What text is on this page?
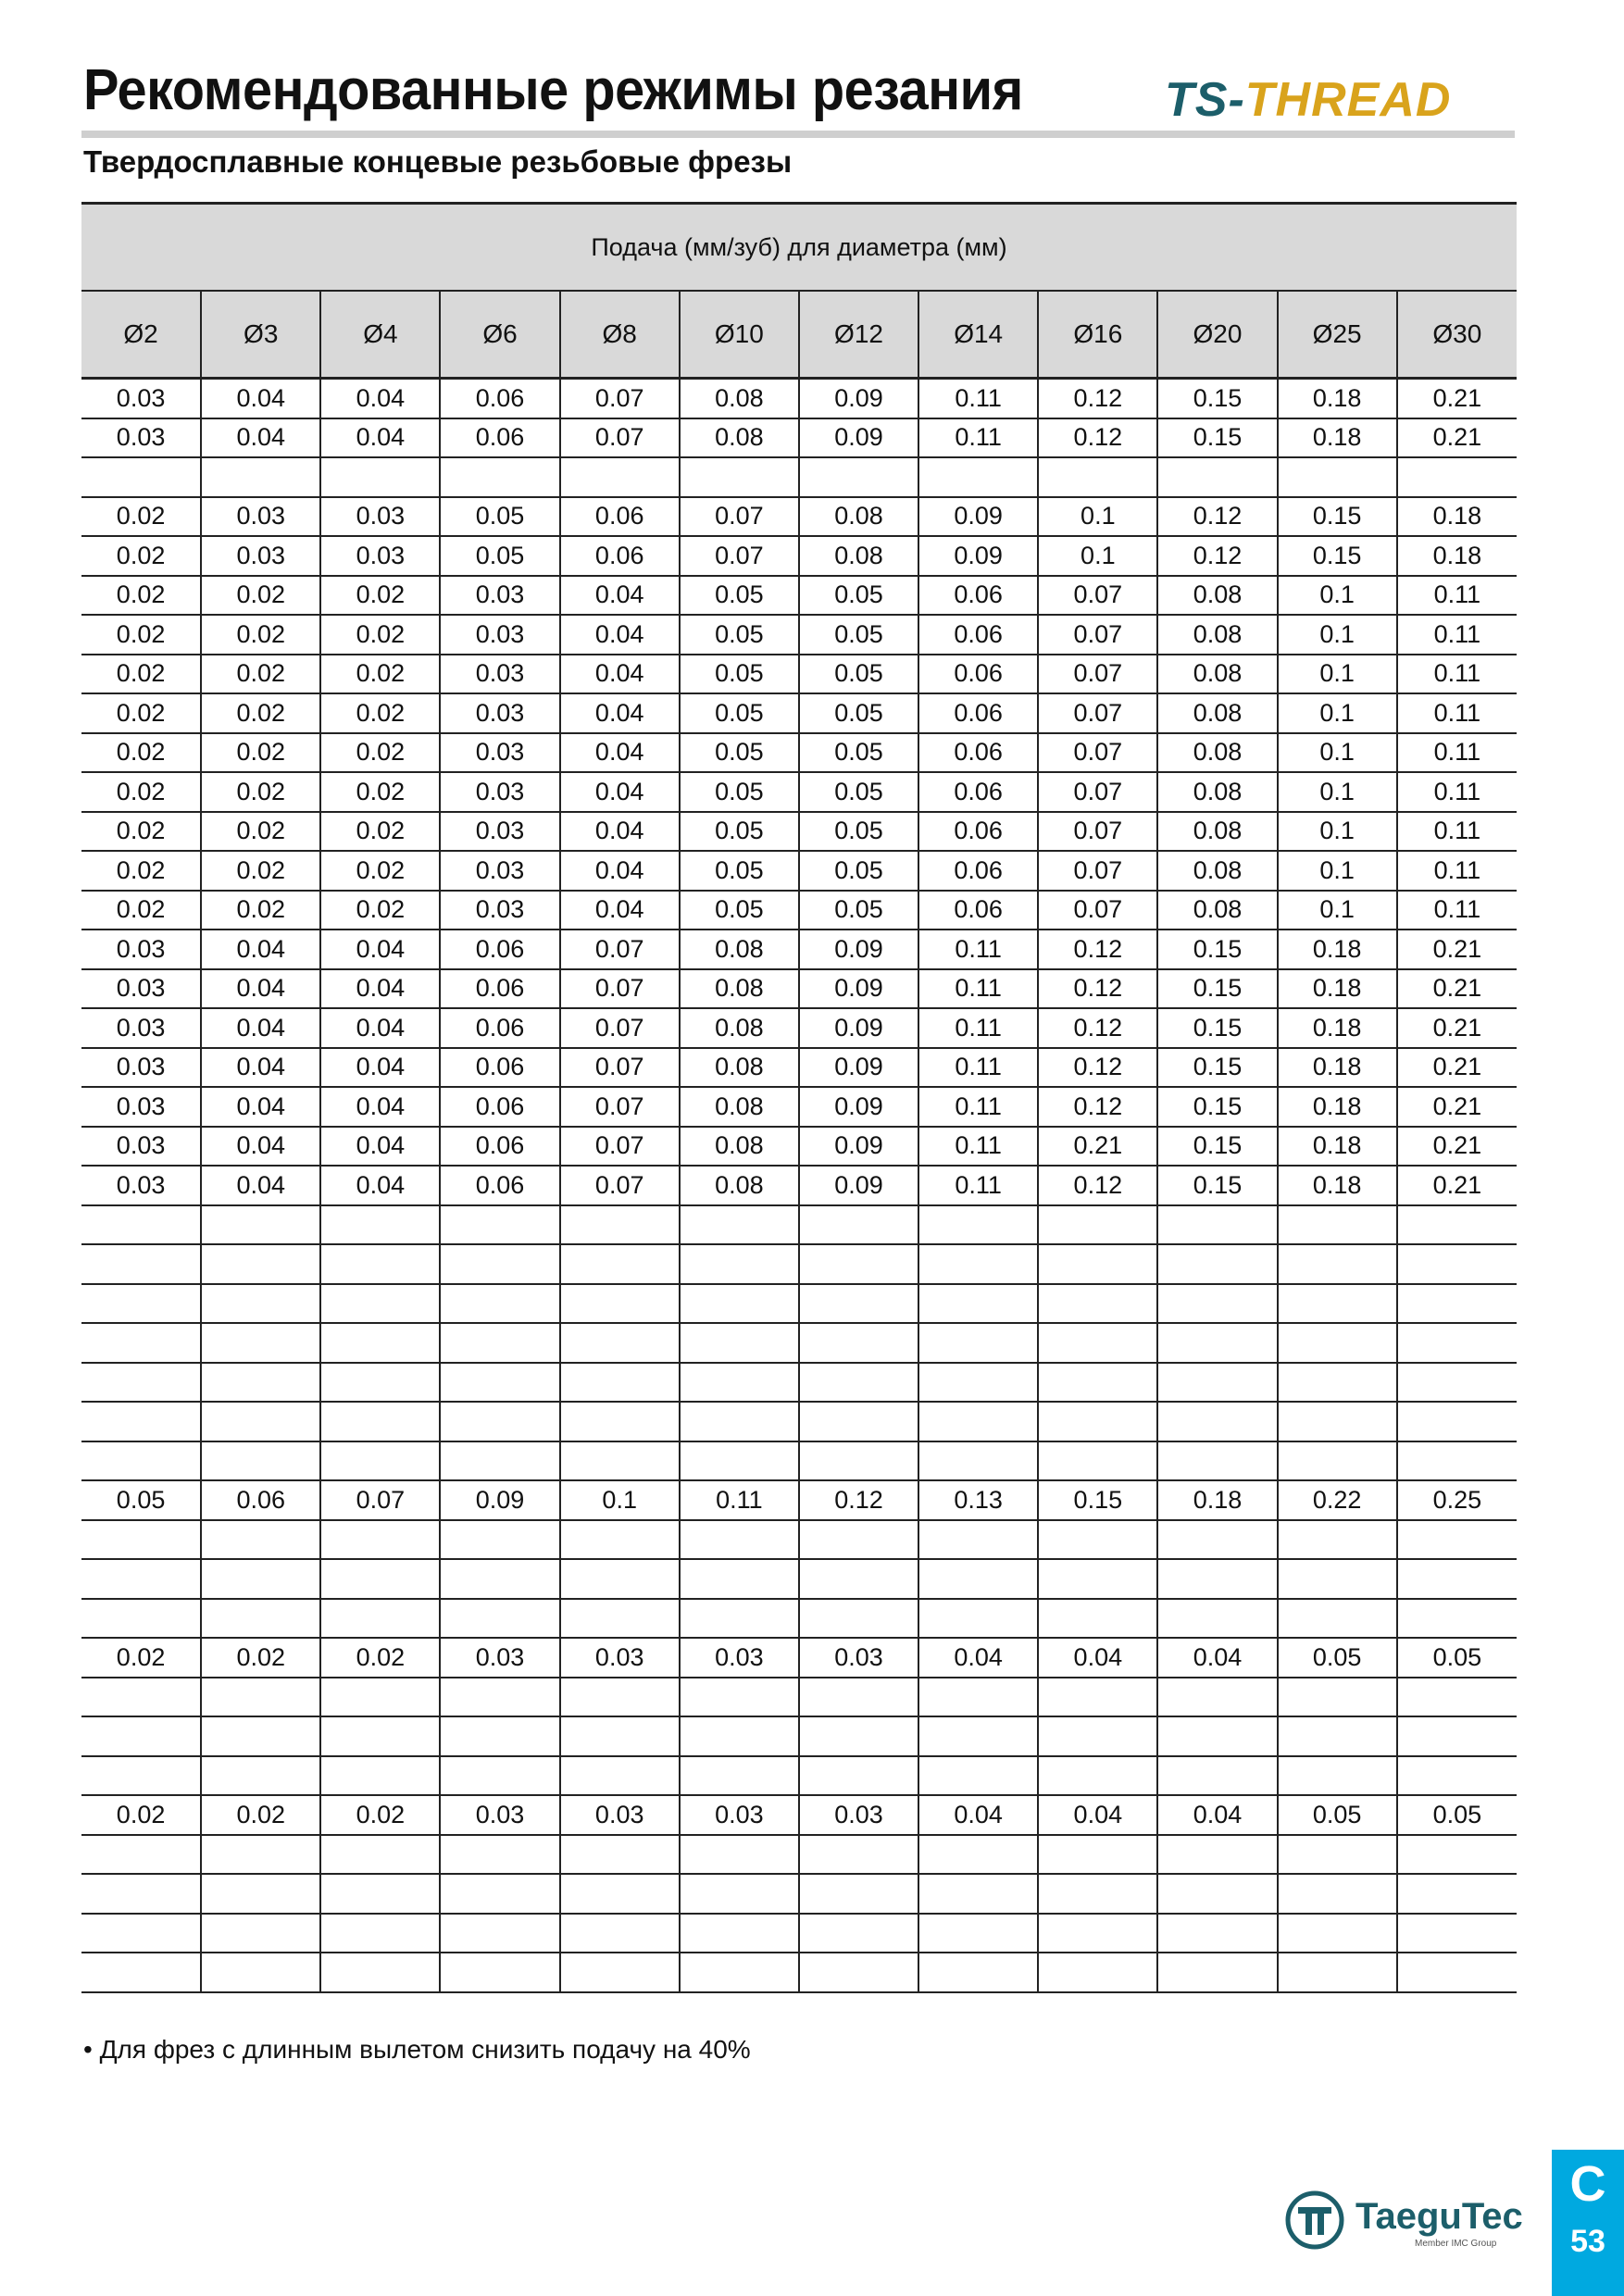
Рекомендованные режимы резания	TS-THREAD
Твердосплавные концевые резьбовые фрезы
Подача (мм/зуб) для диаметра (мм)											
Ø2	Ø3	Ø4	Ø6	Ø8	Ø10	Ø12	Ø14	Ø16	Ø20	Ø25	Ø30
0.03	0.04	0.04	0.06	0.07	0.08	0.09	0.11	0.12	0.15	0.18	0.21
0.03	0.04	0.04	0.06	0.07	0.08	0.09	0.11	0.12	0.15	0.18	0.21

0.02	0.03	0.03	0.05	0.06	0.07	0.08	0.09	0.1	0.12	0.15	0.18
0.02	0.03	0.03	0.05	0.06	0.07	0.08	0.09	0.1	0.12	0.15	0.18
0.02	0.02	0.02	0.03	0.04	0.05	0.05	0.06	0.07	0.08	0.1	0.11
0.02	0.02	0.02	0.03	0.04	0.05	0.05	0.06	0.07	0.08	0.1	0.11
0.02	0.02	0.02	0.03	0.04	0.05	0.05	0.06	0.07	0.08	0.1	0.11
0.02	0.02	0.02	0.03	0.04	0.05	0.05	0.06	0.07	0.08	0.1	0.11
0.02	0.02	0.02	0.03	0.04	0.05	0.05	0.06	0.07	0.08	0.1	0.11
0.02	0.02	0.02	0.03	0.04	0.05	0.05	0.06	0.07	0.08	0.1	0.11
0.02	0.02	0.02	0.03	0.04	0.05	0.05	0.06	0.07	0.08	0.1	0.11
0.02	0.02	0.02	0.03	0.04	0.05	0.05	0.06	0.07	0.08	0.1	0.11
0.02	0.02	0.02	0.03	0.04	0.05	0.05	0.06	0.07	0.08	0.1	0.11
0.03	0.04	0.04	0.06	0.07	0.08	0.09	0.11	0.12	0.15	0.18	0.21
0.03	0.04	0.04	0.06	0.07	0.08	0.09	0.11	0.12	0.15	0.18	0.21
0.03	0.04	0.04	0.06	0.07	0.08	0.09	0.11	0.12	0.15	0.18	0.21
0.03	0.04	0.04	0.06	0.07	0.08	0.09	0.11	0.12	0.15	0.18	0.21
0.03	0.04	0.04	0.06	0.07	0.08	0.09	0.11	0.12	0.15	0.18	0.21
0.03	0.04	0.04	0.06	0.07	0.08	0.09	0.11	0.21	0.15	0.18	0.21
0.03	0.04	0.04	0.06	0.07	0.08	0.09	0.11	0.12	0.15	0.18	0.21

0.05	0.06	0.07	0.09	0.1	0.11	0.12	0.13	0.15	0.18	0.22	0.25

0.02	0.02	0.02	0.03	0.03	0.03	0.03	0.04	0.04	0.04	0.05	0.05

0.02	0.02	0.02	0.03	0.03	0.03	0.03	0.04	0.04	0.04	0.05	0.05

• Для фрез с длинным вылетом снизить подачу на 40%
TaeguTec
Member IMC Group
C
53
